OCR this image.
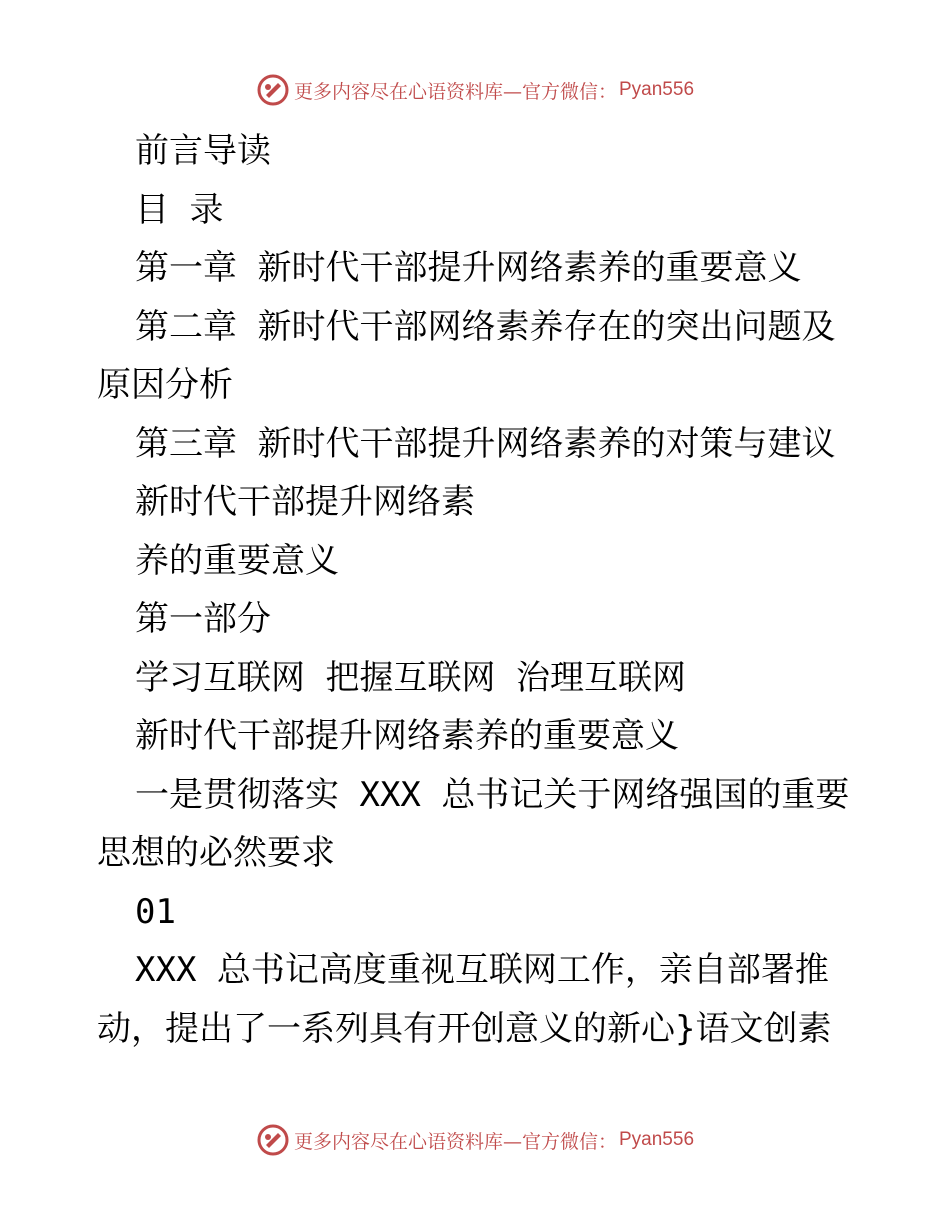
更多内容尽在心语资料库—官方微信： Pyan556
前言导读
目 录
第一章 新时代干部提升网络素养的重要意义
第二章 新时代干部网络素养存在的突出问题及
原因分析
第三章 新时代干部提升网络素养的对策与建议
新时代干部提升网络素
养的重要意义
第一部分
学习互联网 把握互联网 治理互联网
新时代干部提升网络素养的重要意义
一是贯彻落实 XXX 总书记关于网络强国的重要
思想的必然要求
01
XXX 总书记高度重视互联网工作，亲自部署推
动，提出了一系列具有开创意义的新心}语文创素
更多内容尽在心语资料库—官方微信： Pyan556
